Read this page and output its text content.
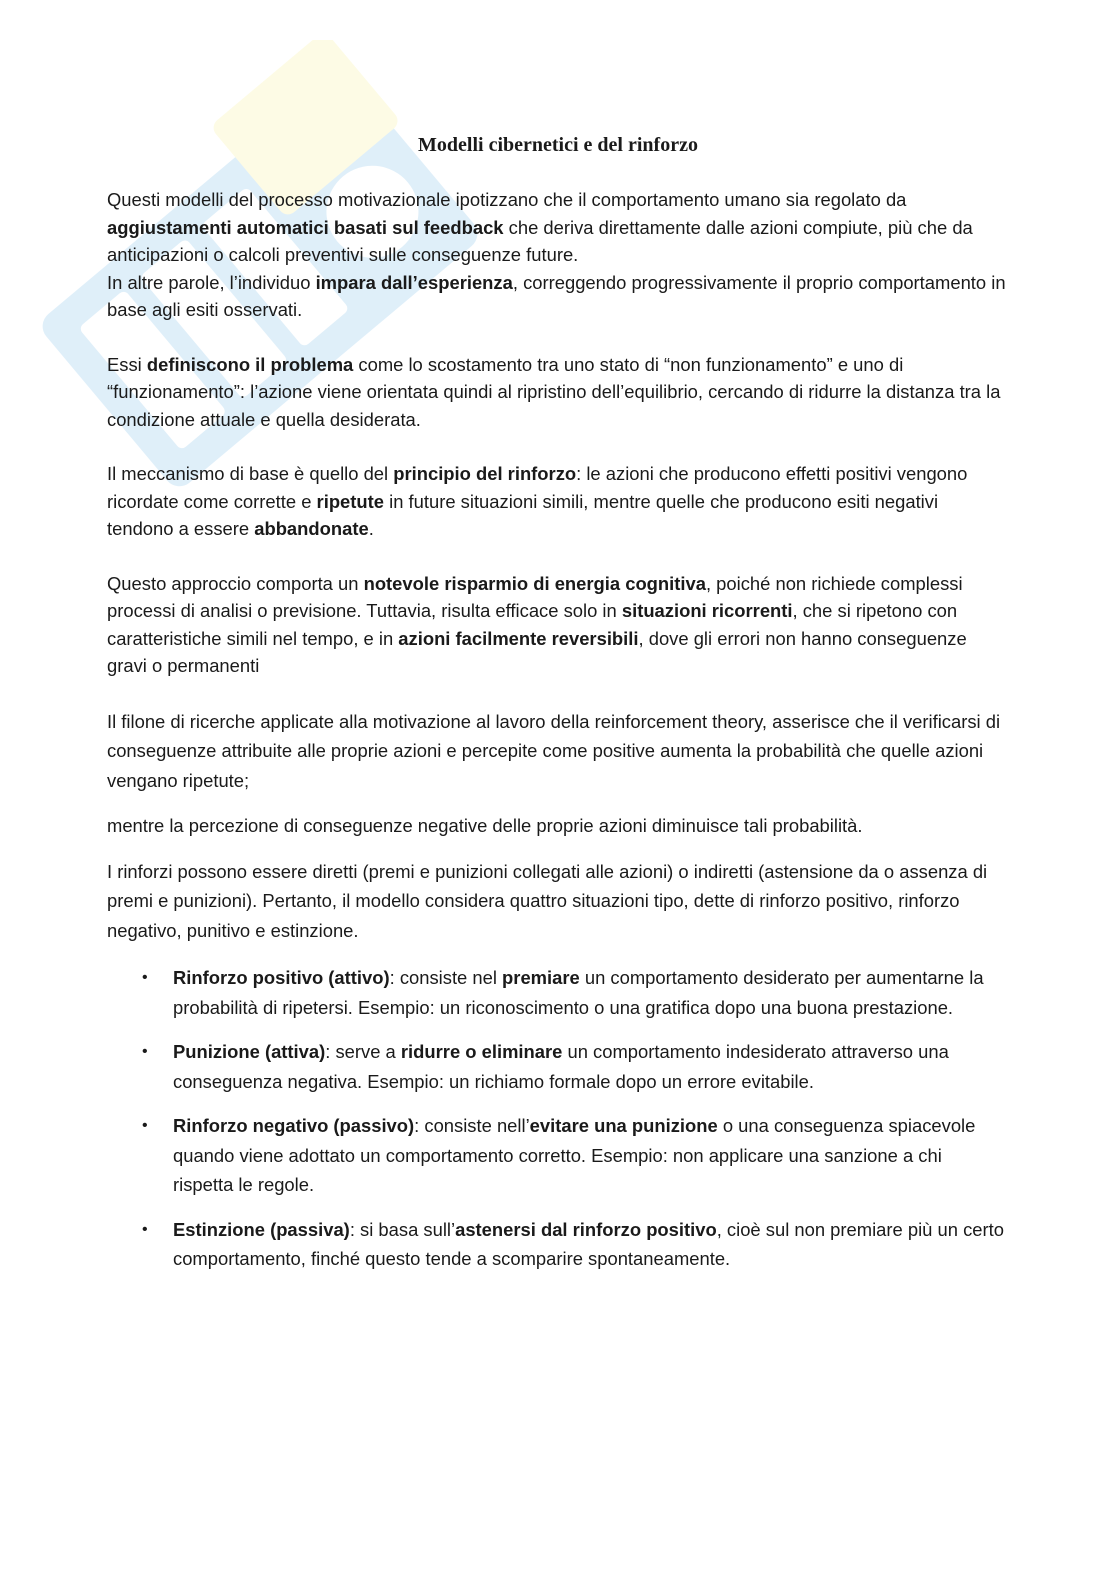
Modelli cibernetici e del rinforzo

Questi modelli del processo motivazionale ipotizzano che il comportamento umano sia regolato da aggiustamenti automatici basati sul feedback che deriva direttamente dalle azioni compiute, più che da anticipazioni o calcoli preventivi sulle conseguenze future.

In altre parole, l’individuo impara dall’esperienza, correggendo progressivamente il proprio comportamento in base agli esiti osservati.

Essi definiscono il problema come lo scostamento tra uno stato di “non funzionamento” e uno di “funzionamento”: l’azione viene orientata quindi al ripristino dell’equilibrio, cercando di ridurre la distanza tra la condizione attuale e quella desiderata.

Il meccanismo di base è quello del principio del rinforzo: le azioni che producono effetti positivi vengono ricordate come corrette e ripetute in future situazioni simili, mentre quelle che producono esiti negativi tendono a essere abbandonate.

Questo approccio comporta un notevole risparmio di energia cognitiva, poiché non richiede complessi processi di analisi o previsione. Tuttavia, risulta efficace solo in situazioni ricorrenti, che si ripetono con caratteristiche simili nel tempo, e in azioni facilmente reversibili, dove gli errori non hanno conseguenze gravi o permanenti

Il filone di ricerche applicate alla motivazione al lavoro della reinforcement theory, asserisce che il verificarsi di conseguenze attribuite alle proprie azioni e percepite come positive aumenta la probabilità che quelle azioni vengano ripetute;

mentre la percezione di conseguenze negative delle proprie azioni diminuisce tali probabilità.

I rinforzi possono essere diretti (premi e punizioni collegati alle azioni) o indiretti (astensione da o assenza di premi e punizioni). Pertanto, il modello considera quattro situazioni tipo, dette di rinforzo positivo, rinforzo negativo, punitivo e estinzione.

• Rinforzo positivo (attivo): consiste nel premiare un comportamento desiderato per aumentarne la probabilità di ripetersi. Esempio: un riconoscimento o una gratifica dopo una buona prestazione.
• Punizione (attiva): serve a ridurre o eliminare un comportamento indesiderato attraverso una conseguenza negativa. Esempio: un richiamo formale dopo un errore evitabile.
• Rinforzo negativo (passivo): consiste nell’evitare una punizione o una conseguenza spiacevole quando viene adottato un comportamento corretto. Esempio: non applicare una sanzione a chi rispetta le regole.
• Estinzione (passiva): si basa sull’astenersi dal rinforzo positivo, cioè sul non premiare più un certo comportamento, finché questo tende a scomparire spontaneamente.
